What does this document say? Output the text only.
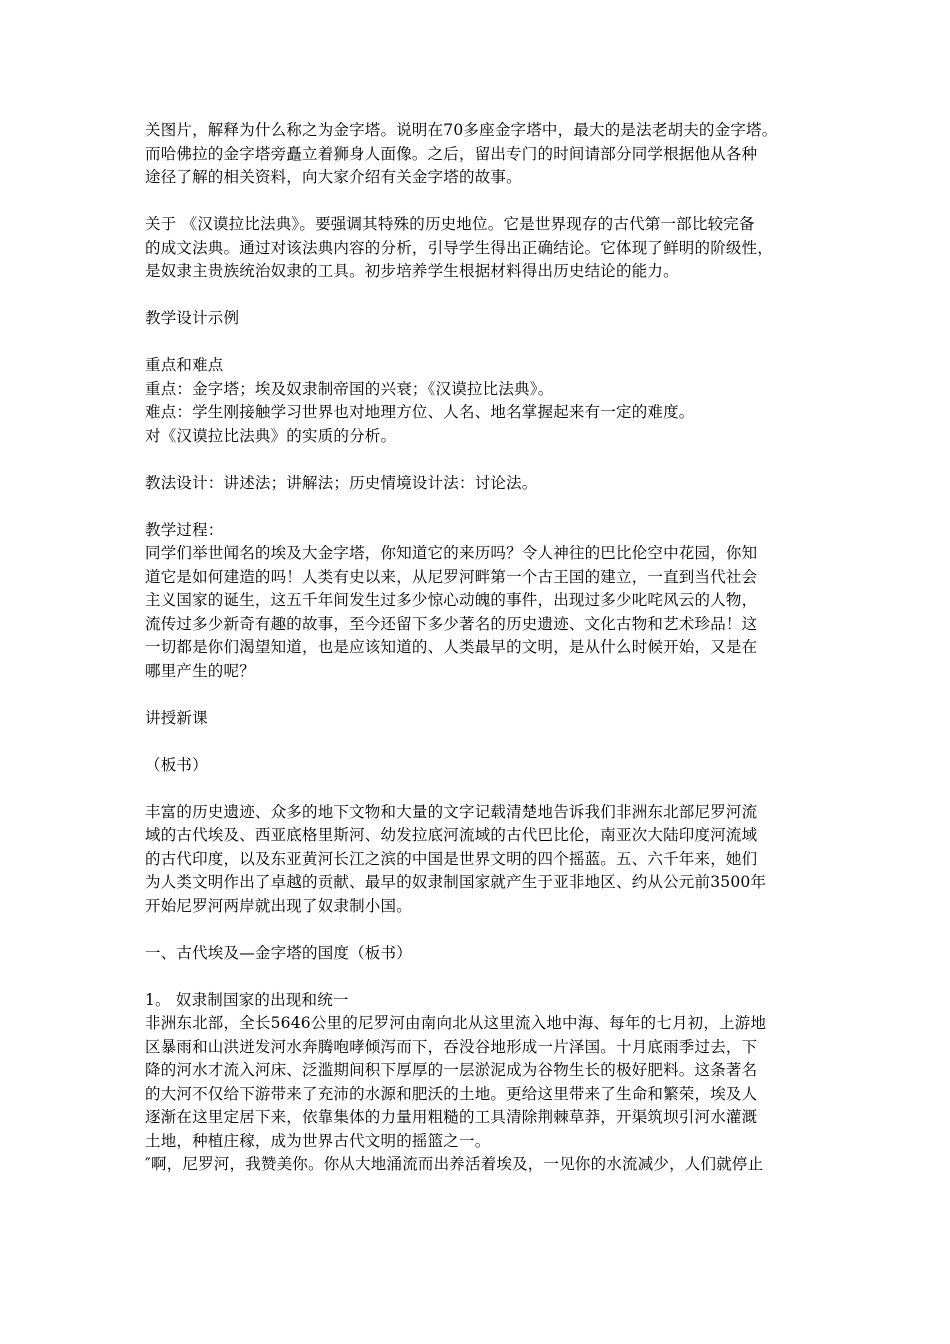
关图片，解释为什么称之为金字塔。说明在70多座金字塔中，最大的是法老胡夫的金字塔。
而哈佛拉的金字塔旁矗立着狮身人面像。之后，留出专门的时间请部分同学根据他从各种
途径了解的相关资料，向大家介绍有关金字塔的故事。
关于 《汉谟拉比法典》。要强调其特殊的历史地位。它是世界现存的古代第一部比较完备
的成文法典。通过对该法典内容的分析，引导学生得出正确结论。它体现了鲜明的阶级性，
是奴隶主贵族统治奴隶的工具。初步培养学生根据材料得出历史结论的能力。
教学设计示例
重点和难点
重点：金字塔；埃及奴隶制帝国的兴衰；《汉谟拉比法典》。
难点：学生刚接触学习世界也对地理方位、人名、地名掌握起来有一定的难度。
对《汉谟拉比法典》的实质的分析。
教法设计：讲述法；讲解法；历史情境设计法：讨论法。
教学过程：
同学们举世闻名的埃及大金字塔，你知道它的来历吗？令人神往的巴比伦空中花园，你知
道它是如何建造的吗！人类有史以来，从尼罗河畔第一个古王国的建立，一直到当代社会
主义国家的诞生，这五千年间发生过多少惊心动魄的事件，出现过多少叱咤风云的人物，
流传过多少新奇有趣的故事，至今还留下多少著名的历史遗迹、文化古物和艺术珍品！这
一切都是你们渴望知道，也是应该知道的、人类最早的文明，是从什么时候开始，又是在
哪里产生的呢？
讲授新课
（板书）
丰富的历史遗迹、众多的地下文物和大量的文字记载清楚地告诉我们非洲东北部尼罗河流
域的古代埃及、西亚底格里斯河、幼发拉底河流域的古代巴比伦，南亚次大陆印度河流域
的古代印度，以及东亚黄河长江之滨的中国是世界文明的四个摇蓝。五、六千年来，她们
为人类文明作出了卓越的贡献、最早的奴隶制国家就产生于亚非地区、约从公元前3500年
开始尼罗河两岸就出现了奴隶制小国。
一、古代埃及—金字塔的国度（板书）
1。 奴隶制国家的出现和统一
非洲东北部，全长5646公里的尼罗河由南向北从这里流入地中海、每年的七月初，上游地
区暴雨和山洪迸发河水奔腾咆哮倾泻而下，吞没谷地形成一片泽国。十月底雨季过去，下
降的河水才流入河床、泛滥期间积下厚厚的一层淤泥成为谷物生长的极好肥料。这条著名
的大河不仅给下游带来了充沛的水源和肥沃的土地。更给这里带来了生命和繁荣，埃及人
逐渐在这里定居下来，依靠集体的力量用粗糙的工具清除荆棘草莽，开渠筑坝引河水灌溉
土地，种植庄稼，成为世界古代文明的摇篮之一。
″啊，尼罗河，我赞美你。你从大地涌流而出养活着埃及，一见你的水流减少，人们就停止
